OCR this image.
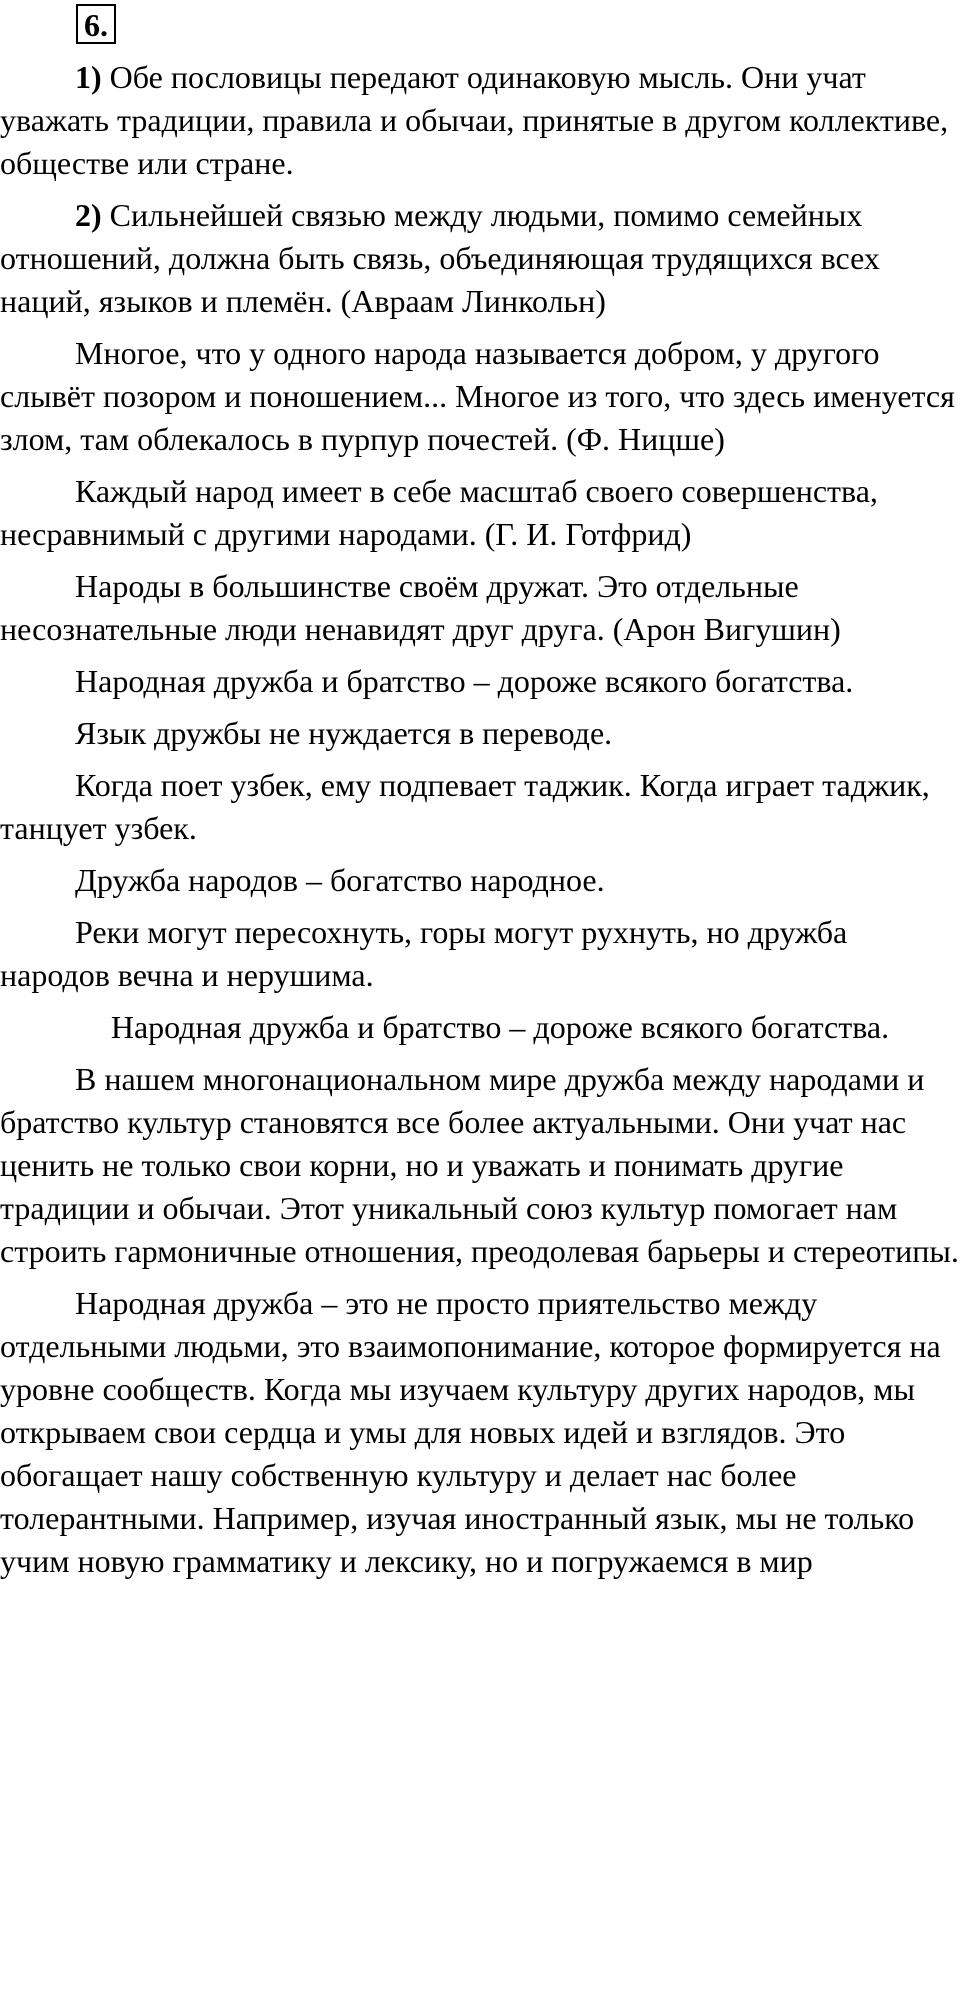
6.

1) Обе пословицы передают одинаковую мысль. Они учат уважать традиции, правила и обычаи, принятые в другом коллективе, обществе или стране.

2) Сильнейшей связью между людьми, помимо семейных отношений, должна быть связь, объединяющая трудящихся всех наций, языков и племён. (Авраам Линкольн)

Многое, что у одного народа называется добром, у другого слывёт позором и поношением... Многое из того, что здесь именуется злом, там облекалось в пурпур почестей. (Ф. Ницше)

Каждый народ имеет в себе масштаб своего совершенства, несравнимый с другими народами. (Г. И. Готфрид)

Народы в большинстве своём дружат. Это отдельные несознательные люди ненавидят друг друга. (Арон Вигушин)

Народная дружба и братство – дороже всякого богатства.

Язык дружбы не нуждается в переводе.

Когда поет узбек, ему подпевает таджик. Когда играет таджик, танцует узбек.

Дружба народов – богатство народное.

Реки могут пересохнуть, горы могут рухнуть, но дружба народов вечна и нерушима.

Народная дружба и братство – дороже всякого богатства.

В нашем многонациональном мире дружба между народами и братство культур становятся все более актуальными. Они учат нас ценить не только свои корни, но и уважать и понимать другие традиции и обычаи. Этот уникальный союз культур помогает нам строить гармоничные отношения, преодолевая барьеры и стереотипы.

Народная дружба – это не просто приятельство между отдельными людьми, это взаимопонимание, которое формируется на уровне сообществ. Когда мы изучаем культуру других народов, мы открываем свои сердца и умы для новых идей и взглядов. Это обогащает нашу собственную культуру и делает нас более толерантными. Например, изучая иностранный язык, мы не только учим новую грамматику и лексику, но и погружаемся в мир
